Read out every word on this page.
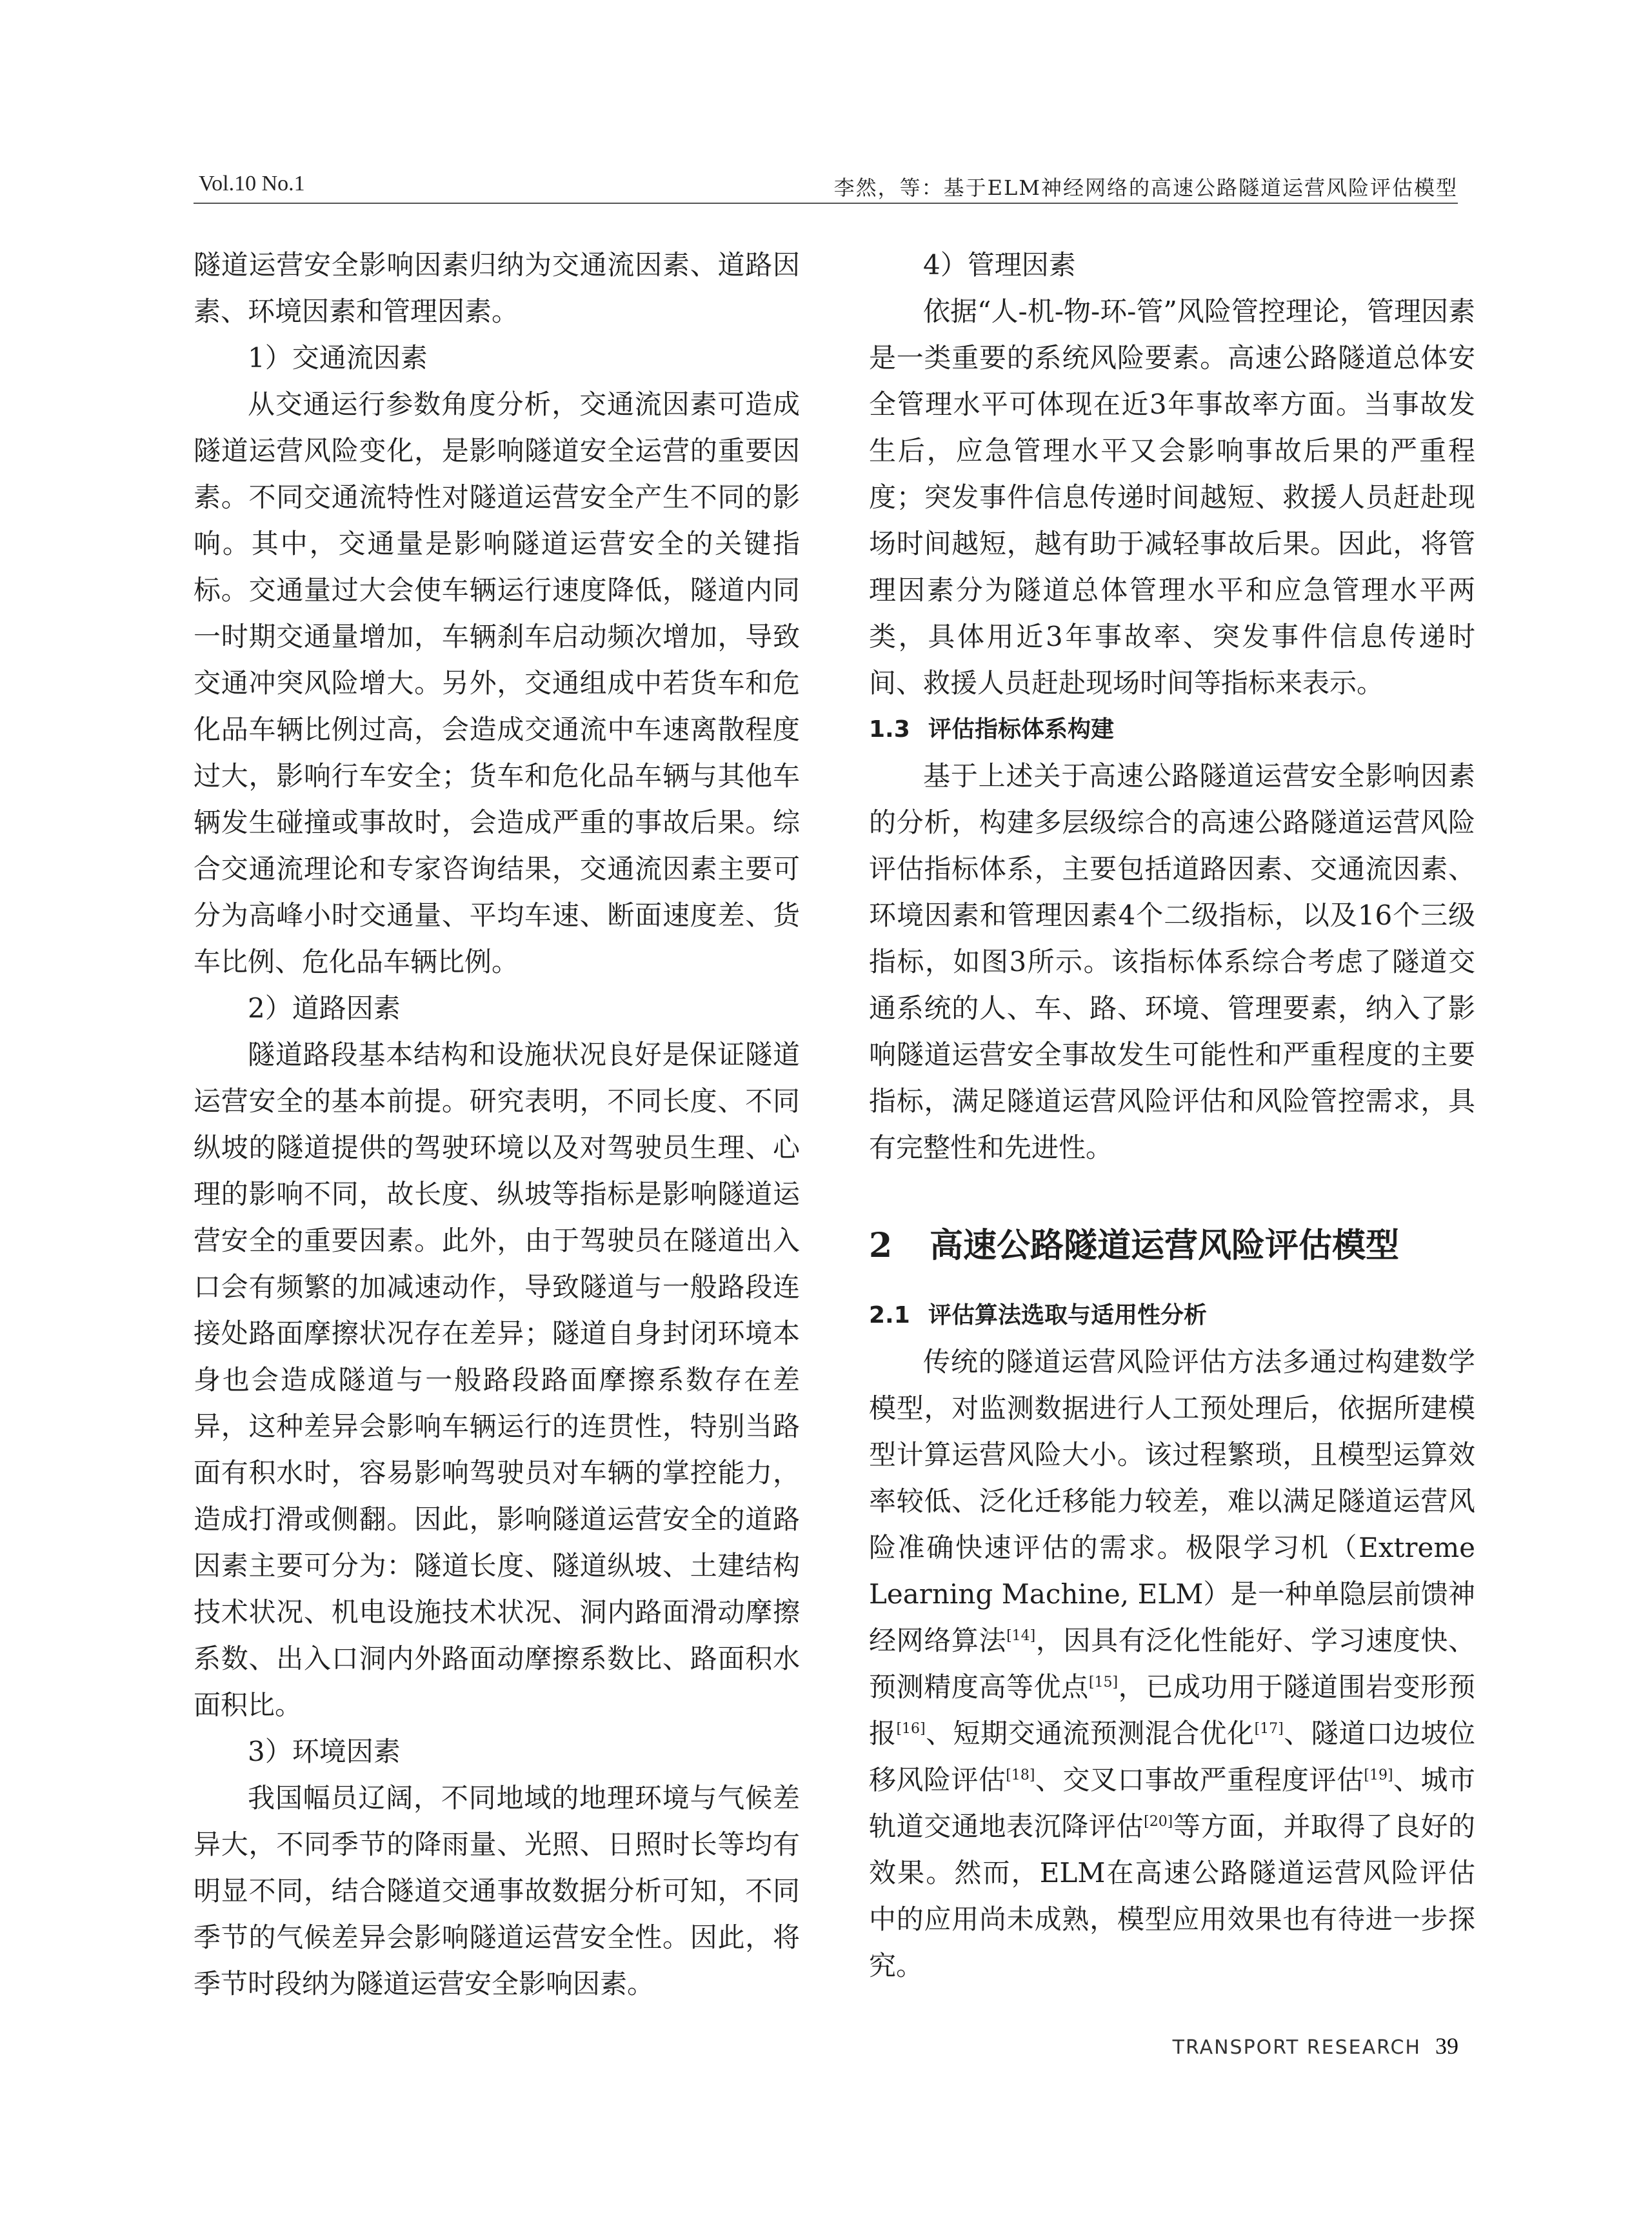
Vol.10 No.1	李然，等：基于ELM神经网络的高速公路隧道运营风险评估模型

隧道运营安全影响因素归纳为交通流因素、道路因素、环境因素和管理因素。

1）交通流因素

从交通运行参数角度分析，交通流因素可造成隧道运营风险变化，是影响隧道安全运营的重要因素。不同交通流特性对隧道运营安全产生不同的影响。其中，交通量是影响隧道运营安全的关键指标。交通量过大会使车辆运行速度降低，隧道内同一时期交通量增加，车辆刹车启动频次增加，导致交通冲突风险增大。另外，交通组成中若货车和危化品车辆比例过高，会造成交通流中车速离散程度过大，影响行车安全；货车和危化品车辆与其他车辆发生碰撞或事故时，会造成严重的事故后果。综合交通流理论和专家咨询结果，交通流因素主要可分为高峰小时交通量、平均车速、断面速度差、货车比例、危化品车辆比例。

2）道路因素

隧道路段基本结构和设施状况良好是保证隧道运营安全的基本前提。研究表明，不同长度、不同纵坡的隧道提供的驾驶环境以及对驾驶员生理、心理的影响不同，故长度、纵坡等指标是影响隧道运营安全的重要因素。此外，由于驾驶员在隧道出入口会有频繁的加减速动作，导致隧道与一般路段连接处路面摩擦状况存在差异；隧道自身封闭环境本身也会造成隧道与一般路段路面摩擦系数存在差异，这种差异会影响车辆运行的连贯性，特别当路面有积水时，容易影响驾驶员对车辆的掌控能力，造成打滑或侧翻。因此，影响隧道运营安全的道路因素主要可分为：隧道长度、隧道纵坡、土建结构技术状况、机电设施技术状况、洞内路面滑动摩擦系数、出入口洞内外路面动摩擦系数比、路面积水面积比。

3）环境因素

我国幅员辽阔，不同地域的地理环境与气候差异大，不同季节的降雨量、光照、日照时长等均有明显不同，结合隧道交通事故数据分析可知，不同季节的气候差异会影响隧道运营安全性。因此，将季节时段纳为隧道运营安全影响因素。

4）管理因素

依据“人-机-物-环-管”风险管控理论，管理因素是一类重要的系统风险要素。高速公路隧道总体安全管理水平可体现在近3年事故率方面。当事故发生后，应急管理水平又会影响事故后果的严重程度；突发事件信息传递时间越短、救援人员赶赴现场时间越短，越有助于减轻事故后果。因此，将管理因素分为隧道总体管理水平和应急管理水平两类，具体用近3年事故率、突发事件信息传递时间、救援人员赶赴现场时间等指标来表示。

1.3 评估指标体系构建

基于上述关于高速公路隧道运营安全影响因素的分析，构建多层级综合的高速公路隧道运营风险评估指标体系，主要包括道路因素、交通流因素、环境因素和管理因素4个二级指标，以及16个三级指标，如图3所示。该指标体系综合考虑了隧道交通系统的人、车、路、环境、管理要素，纳入了影响隧道运营安全事故发生可能性和严重程度的主要指标，满足隧道运营风险评估和风险管控需求，具有完整性和先进性。

2 高速公路隧道运营风险评估模型

2.1 评估算法选取与适用性分析

传统的隧道运营风险评估方法多通过构建数学模型，对监测数据进行人工预处理后，依据所建模型计算运营风险大小。该过程繁琐，且模型运算效率较低、泛化迁移能力较差，难以满足隧道运营风险准确快速评估的需求。极限学习机（Extreme Learning Machine, ELM）是一种单隐层前馈神经网络算法[14]，因具有泛化性能好、学习速度快、预测精度高等优点[15]，已成功用于隧道围岩变形预报[16]、短期交通流预测混合优化[17]、隧道口边坡位移风险评估[18]、交叉口事故严重程度评估[19]、城市轨道交通地表沉降评估[20]等方面，并取得了良好的效果。然而，ELM在高速公路隧道运营风险评估中的应用尚未成熟，模型应用效果也有待进一步探究。

TRANSPORT RESEARCH 39
